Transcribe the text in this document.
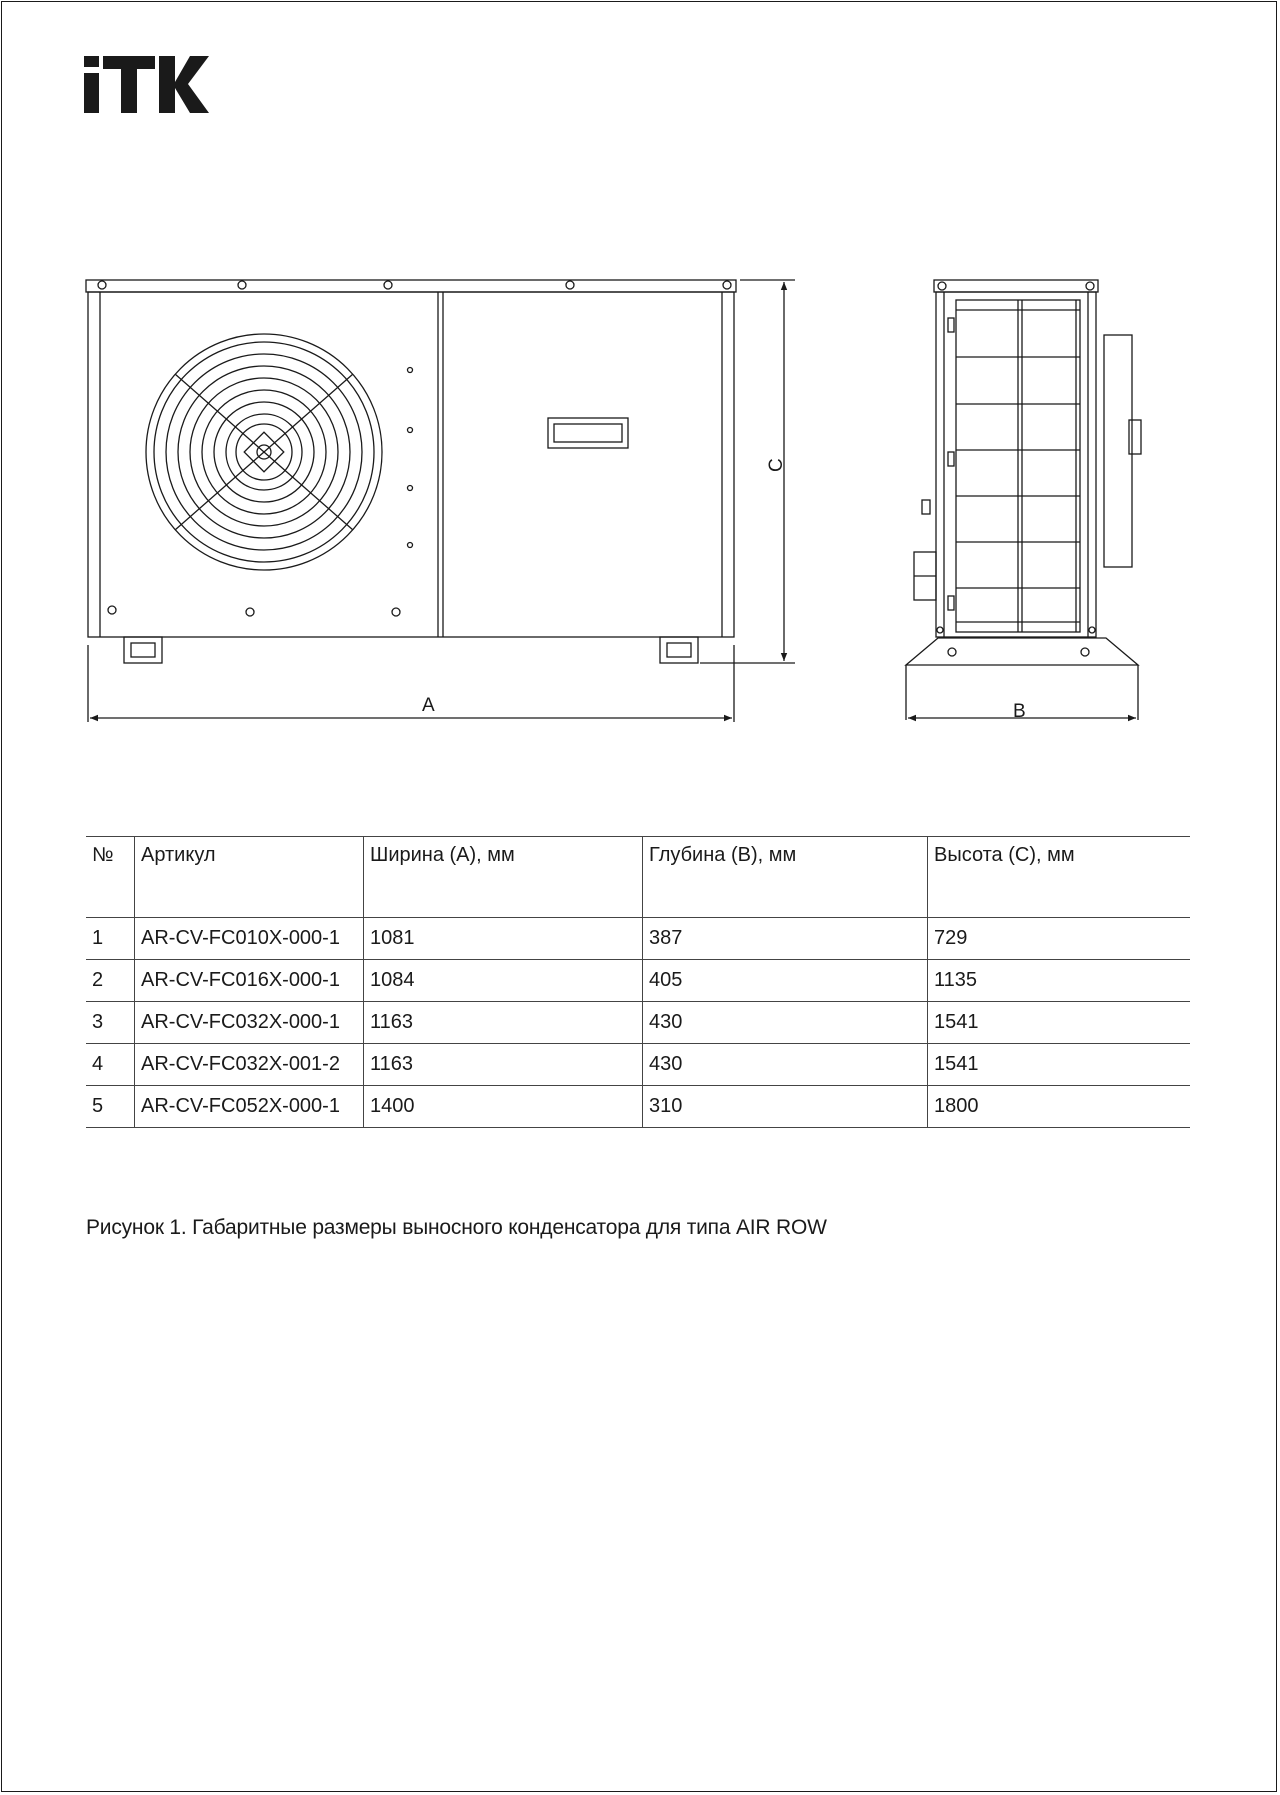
A	B
C
№	Артикул	Ширина (А), мм	Глубина (В), мм	Высота (С), мм
1	AR-CV-FC010X-000-1	1081	387	729
2	AR-CV-FC016X-000-1	1084	405	1135
3	AR-CV-FC032X-000-1	1163	430	1541
4	AR-CV-FC032X-001-2	1163	430	1541
5	AR-CV-FC052X-000-1	1400	310	1800
Рисунок 1. Габаритные размеры выносного конденсатора для типа AIR ROW
